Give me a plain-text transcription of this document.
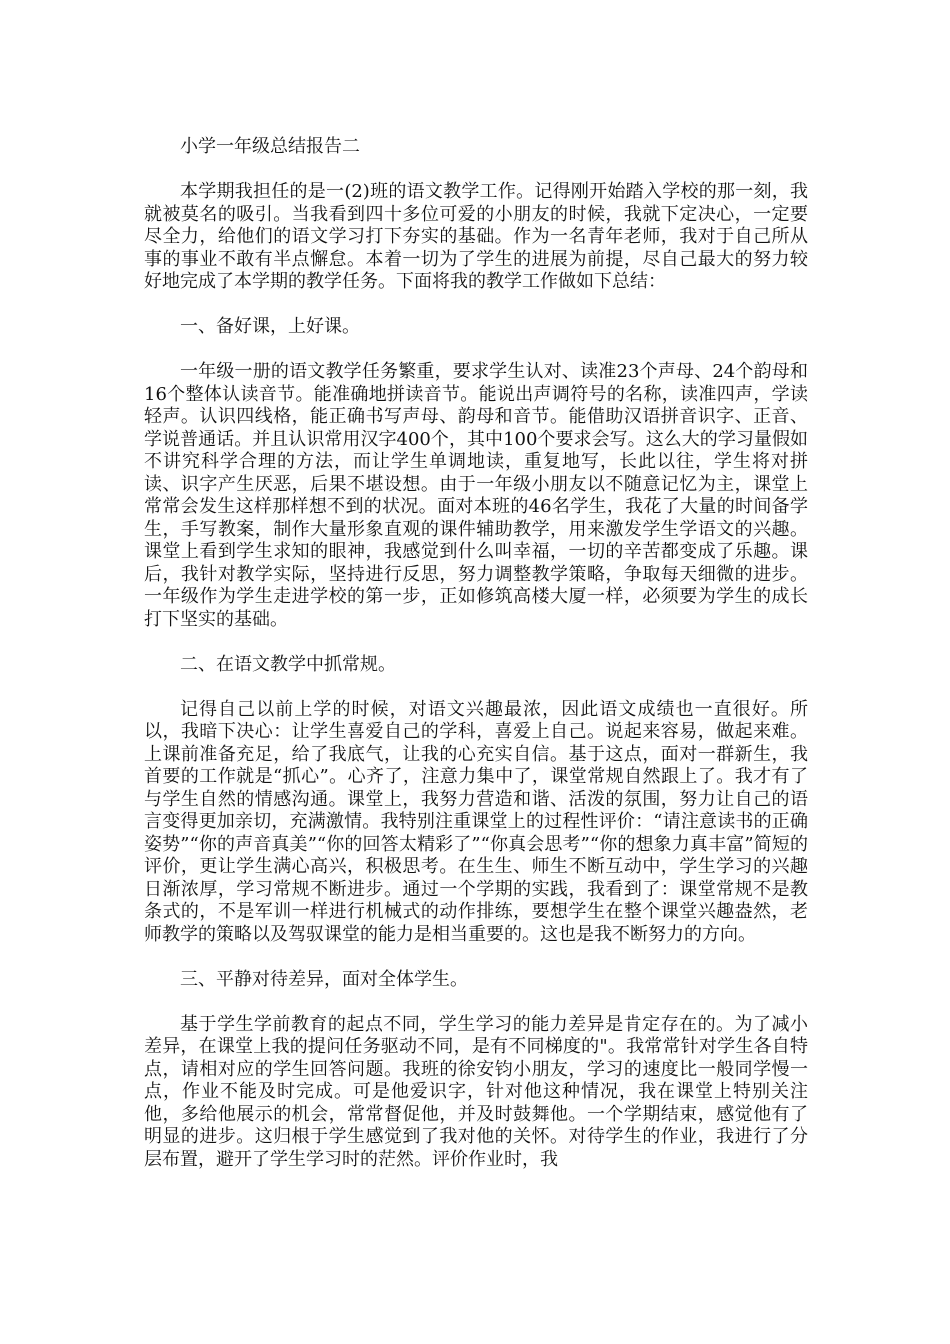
小学一年级总结报告二

本学期我担任的是一(2)班的语文教学工作。记得刚开始踏入学校的那一刻，我就被莫名的吸引。当我看到四十多位可爱的小朋友的时候，我就下定决心，一定要尽全力，给他们的语文学习打下夯实的基础。作为一名青年老师，我对于自己所从事的事业不敢有半点懈怠。本着一切为了学生的进展为前提，尽自己最大的努力较好地完成了本学期的教学任务。下面将我的教学工作做如下总结：

一、备好课，上好课。

一年级一册的语文教学任务繁重，要求学生认对、读准23个声母、24个韵母和16个整体认读音节。能准确地拼读音节。能说出声调符号的名称，读准四声，学读轻声。认识四线格，能正确书写声母、韵母和音节。能借助汉语拼音识字、正音、学说普通话。并且认识常用汉字400个，其中100个要求会写。这么大的学习量假如不讲究科学合理的方法，而让学生单调地读，重复地写，长此以往，学生将对拼读、识字产生厌恶，后果不堪设想。由于一年级小朋友以不随意记忆为主，课堂上常常会发生这样那样想不到的状况。面对本班的46名学生，我花了大量的时间备学生，手写教案，制作大量形象直观的课件辅助教学，用来激发学生学语文的兴趣。课堂上看到学生求知的眼神，我感觉到什么叫幸福，一切的辛苦都变成了乐趣。课后，我针对教学实际，坚持进行反思，努力调整教学策略，争取每天细微的进步。一年级作为学生走进学校的第一步，正如修筑高楼大厦一样，必须要为学生的成长打下坚实的基础。

二、在语文教学中抓常规。

记得自己以前上学的时候，对语文兴趣最浓，因此语文成绩也一直很好。所以，我暗下决心：让学生喜爱自己的学科，喜爱上自己。说起来容易，做起来难。上课前准备充足，给了我底气，让我的心充实自信。基于这点，面对一群新生，我首要的工作就是“抓心”。心齐了，注意力集中了，课堂常规自然跟上了。我才有了与学生自然的情感沟通。课堂上，我努力营造和谐、活泼的氛围，努力让自己的语言变得更加亲切，充满激情。我特别注重课堂上的过程性评价：“请注意读书的正确姿势”“你的声音真美”“你的回答太精彩了”“你真会思考”“你的想象力真丰富”简短的评价，更让学生满心高兴，积极思考。在生生、师生不断互动中，学生学习的兴趣日渐浓厚，学习常规不断进步。通过一个学期的实践，我看到了：课堂常规不是教条式的，不是军训一样进行机械式的动作排练，要想学生在整个课堂兴趣盎然，老师教学的策略以及驾驭课堂的能力是相当重要的。这也是我不断努力的方向。

三、平静对待差异，面对全体学生。

基于学生学前教育的起点不同，学生学习的能力差异是肯定存在的。为了减小差异，在课堂上我的提问任务驱动不同，是有不同梯度的"。我常常针对学生各自特点，请相对应的学生回答问题。我班的徐安钧小朋友，学习的速度比一般同学慢一点，作业不能及时完成。可是他爱识字，针对他这种情况，我在课堂上特别关注他，多给他展示的机会，常常督促他，并及时鼓舞他。一个学期结束，感觉他有了明显的进步。这归根于学生感觉到了我对他的关怀。对待学生的作业，我进行了分层布置，避开了学生学习时的茫然。评价作业时，我
